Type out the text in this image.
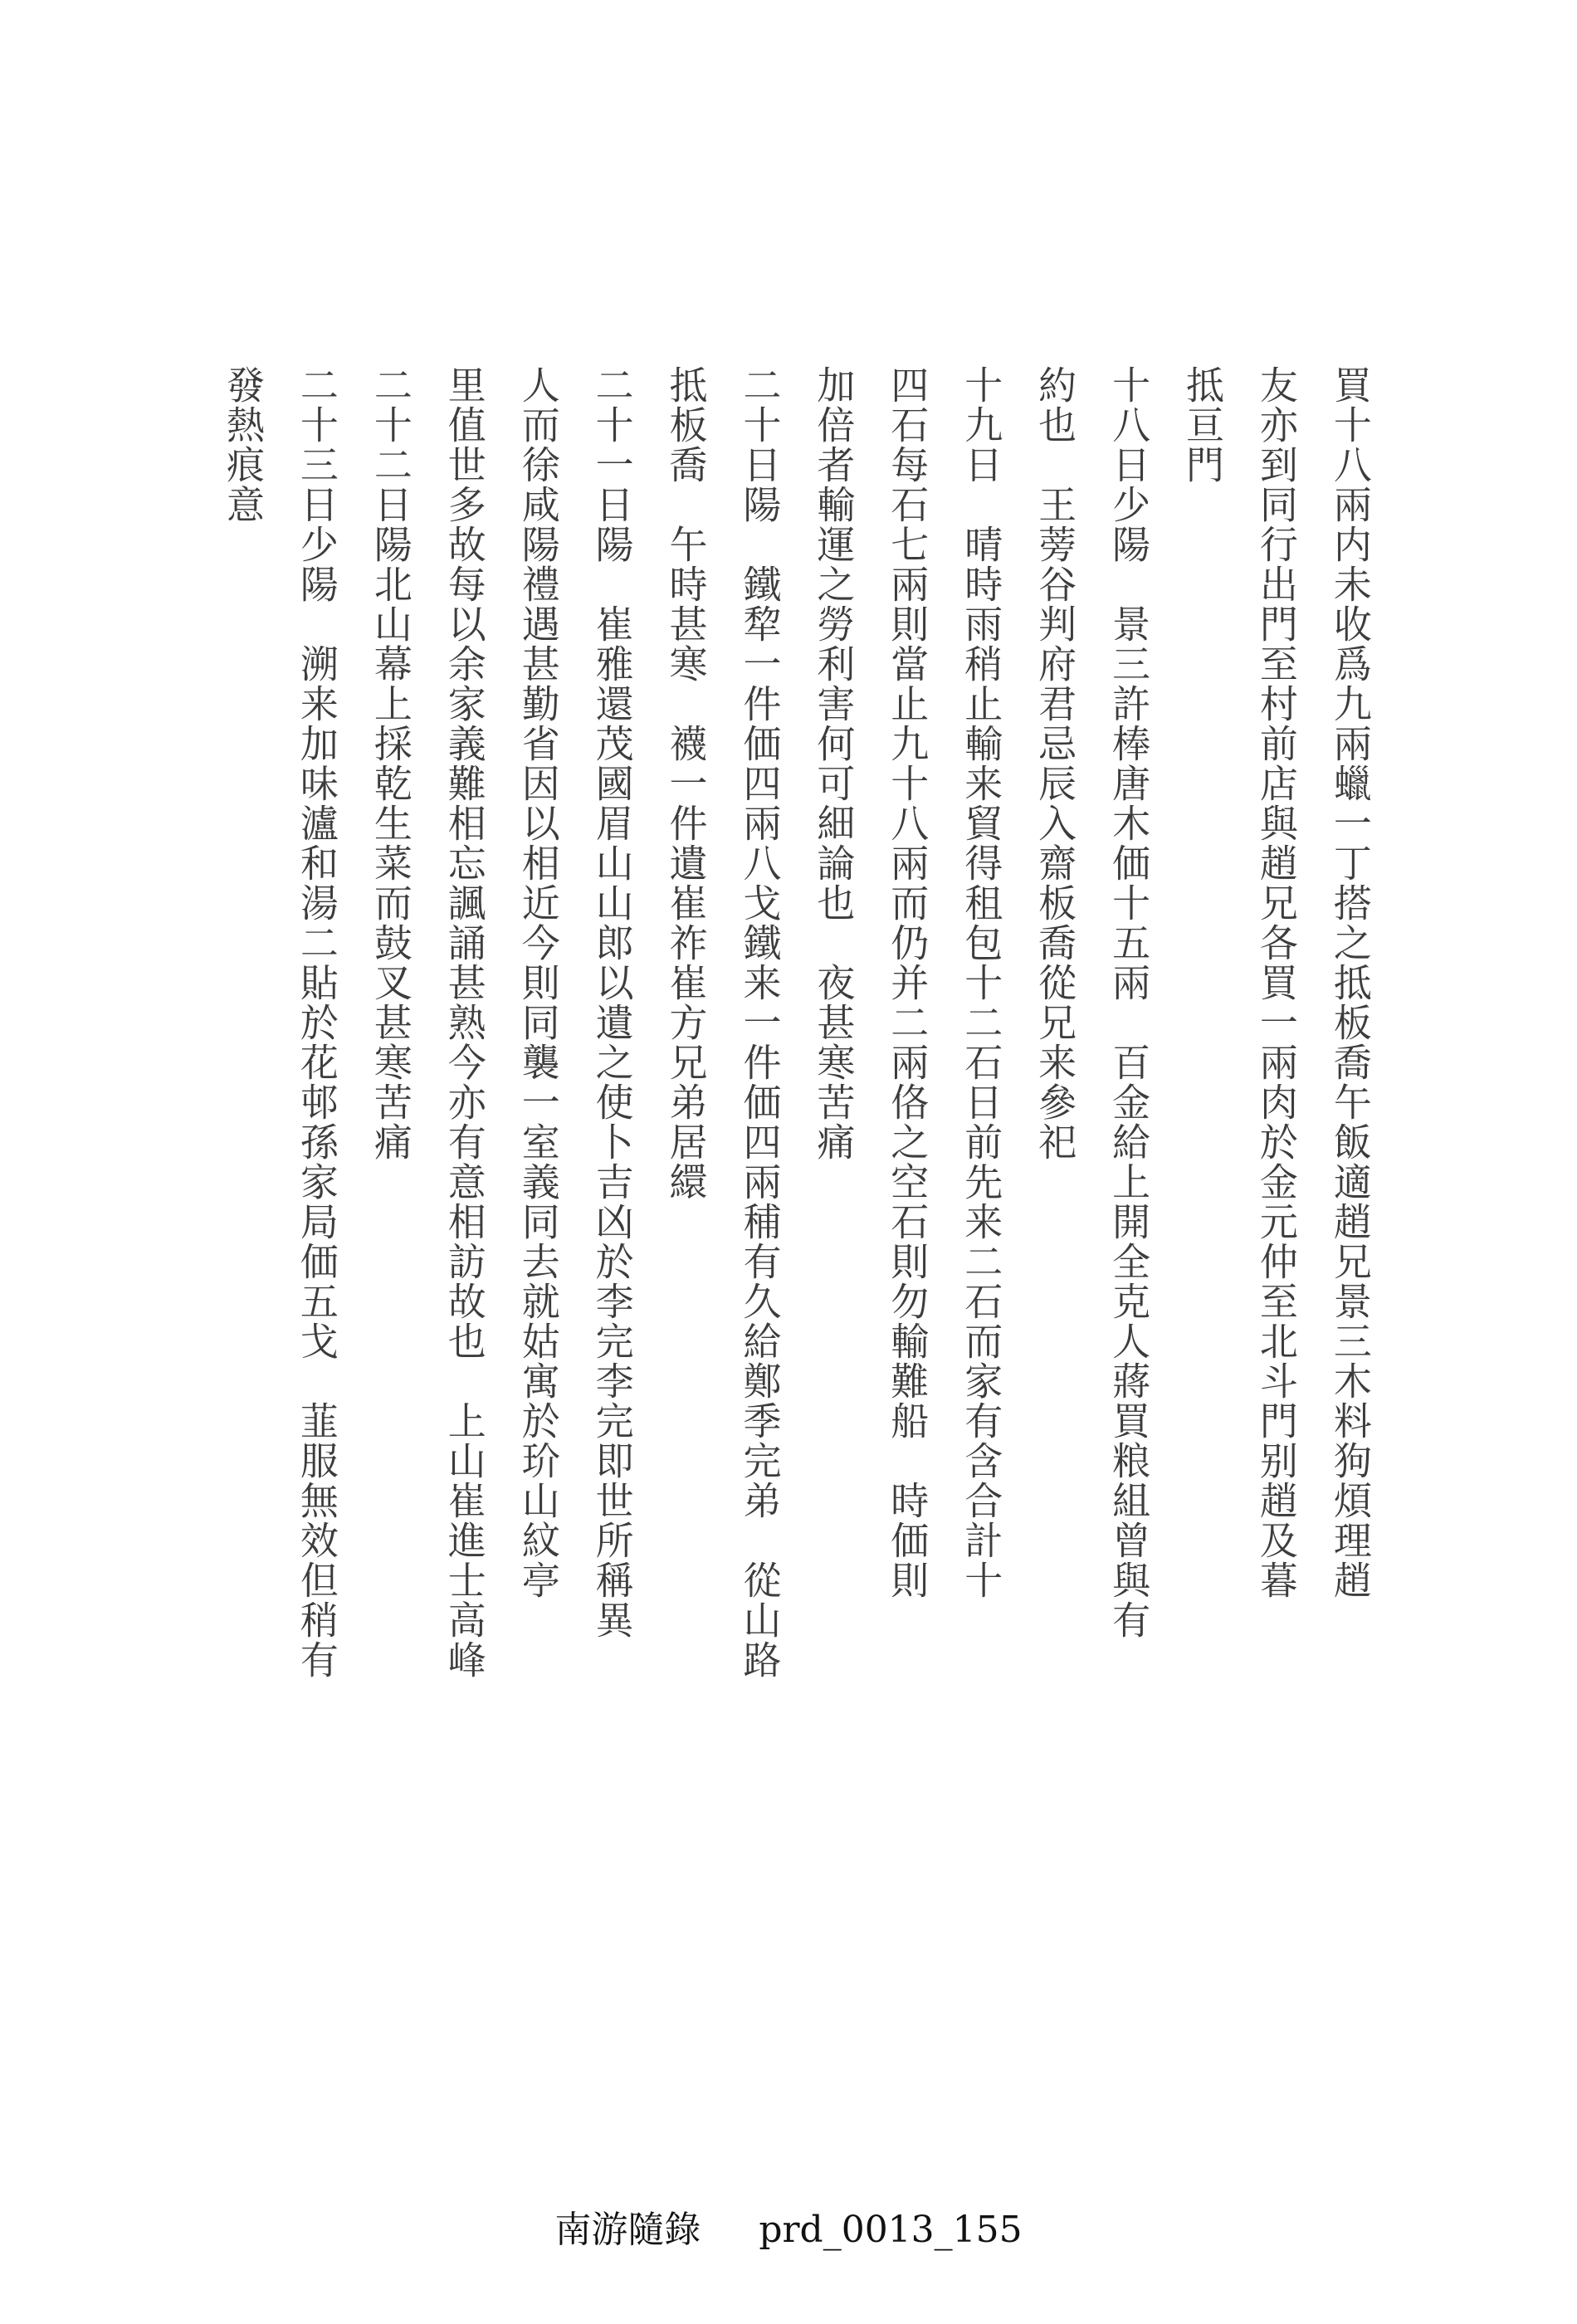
買十八兩内未收爲九兩蠟一丁搭之抵板喬午飯適趙兄景三木料狗煩理趙
友亦到同行出門至村前店與趙兄各買一兩肉於金元仲至北斗門别趙及暮
抵亘門
十八日少陽　景三許棒唐木価十五兩　百金給上開全克人蔣買粮組曾與有
約也　王蒡谷判府君忌辰入齋板喬從兄来參祀
十九日　晴時雨稍止輸来貿得租包十二石日前先来二石而家有含合計十
四石每石七兩則當止九十八兩而仍并二兩佫之空石則勿輸難船　時価則
加倍者輸運之勞利害何可細論也　夜甚寒苦痛
二十日陽　鐵犂一件価四兩八戈鐵来一件価四兩秿有久給鄭季完弟　從山路
抵板喬　午時甚寒　襪一件遺崔祚崔方兄弟居繯
二十一日陽　崔雅還茂國眉山山郎以遺之使卜吉凶於李完李完即世所稱異
人而徐咸陽禮遇甚勤省因以相近今則同襲一室義同去就姑寓於玠山紋亭
里值世多故每以余家義難相忘諷誦甚熟今亦有意相訪故也　上山崔進士高峰
二十二日陽北山幕上採乾生菜而鼓叉甚寒苦痛
二十三日少陽　溯来加味瀘和湯二貼於花邨孫家局価五戈　韮服無效但稍有
發熱痕意
南游隨錄 prd_0013_155
